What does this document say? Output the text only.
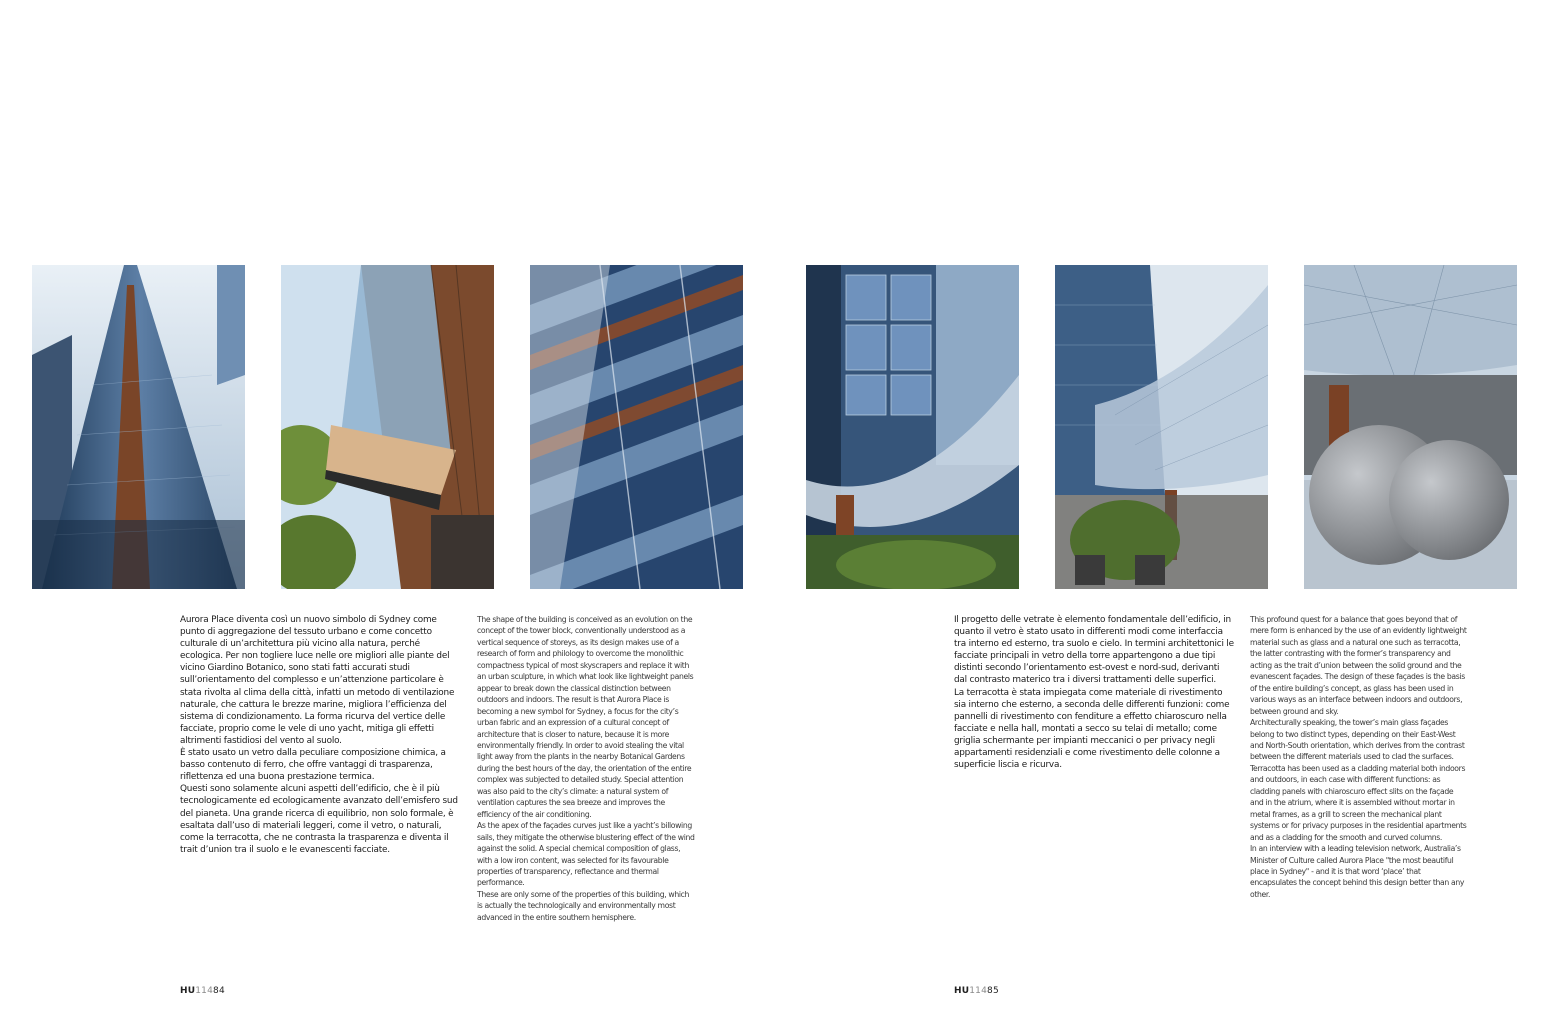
Aurora Place diventa così un nuovo simbolo di Sydney come punto di aggregazione del tessuto urbano e come concetto culturale di un’architettura più vicino alla natura, perché ecologica. Per non togliere luce nelle ore migliori alle piante del vicino Giardino Botanico, sono stati fatti accurati studi sull’orientamento del complesso e un’attenzione particolare è stata rivolta al clima della città, infatti un metodo di ventilazione naturale, che cattura le brezze marine, migliora l’efficienza del sistema di condizionamento. La forma ricurva del vertice delle facciate, proprio come le vele di uno yacht, mitiga gli effetti altrimenti fastidiosi del vento al suolo.
È stato usato un vetro dalla peculiare composizione chimica, a basso contenuto di ferro, che offre vantaggi di trasparenza, riflettenza ed una buona prestazione termica.
Questi sono solamente alcuni aspetti dell’edificio, che è il più tecnologicamente ed ecologicamente avanzato dell’emisfero sud del pianeta. Una grande ricerca di equilibrio, non solo formale, è esaltata dall’uso di materiali leggeri, come il vetro, o naturali, come la terracotta, che ne contrasta la trasparenza e diventa il trait d’union tra il suolo e le evanescenti facciate.
The shape of the building is conceived as an evolution on the concept of the tower block, conventionally understood as a vertical sequence of storeys, as its design makes use of a research of form and philology to overcome the monolithic compactness typical of most skyscrapers and replace it with an urban sculpture, in which what look like lightweight panels appear to break down the classical distinction between outdoors and indoors. The result is that Aurora Place is becoming a new symbol for Sydney, a focus for the city’s urban fabric and an expression of a cultural concept of architecture that is closer to nature, because it is more environmentally friendly. In order to avoid stealing the vital light away from the plants in the nearby Botanical Gardens during the best hours of the day, the orientation of the entire complex was subjected to detailed study. Special attention was also paid to the city’s climate: a natural system of ventilation captures the sea breeze and improves the efficiency of the air conditioning.
As the apex of the façades curves just like a yacht’s billowing sails, they mitigate the otherwise blustering effect of the wind against the solid. A special chemical composition of glass, with a low iron content, was selected for its favourable properties of transparency, reflectance and thermal performance.
These are only some of the properties of this building, which is actually the technologically and environmentally most advanced in the entire southern hemisphere.
Il progetto delle vetrate è elemento fondamentale dell’edificio, in quanto il vetro è stato usato in differenti modi come interfaccia tra interno ed esterno, tra suolo e cielo. In termini architettonici le facciate principali in vetro della torre appartengono a due tipi distinti secondo l’orientamento est-ovest e nord-sud, derivanti dal contrasto materico tra i diversi trattamenti delle superfici.
La terracotta è stata impiegata come materiale di rivestimento sia interno che esterno, a seconda delle differenti funzioni: come pannelli di rivestimento con fenditure a effetto chiaroscuro nella facciate e nella hall, montati a secco su telai di metallo; come griglia schermante per impianti meccanici o per privacy negli appartamenti residenziali e come rivestimento delle colonne a superficie liscia e ricurva.
This profound quest for a balance that goes beyond that of mere form is enhanced by the use of an evidently lightweight material such as glass and a natural one such as terracotta, the latter contrasting with the former’s transparency and acting as the trait d’union between the solid ground and the evanescent façades. The design of these façades is the basis of the entire building’s concept, as glass has been used in various ways as an interface between indoors and outdoors, between ground and sky.
Architecturally speaking, the tower’s main glass façades belong to two distinct types, depending on their East-West and North-South orientation, which derives from the contrast between the different materials used to clad the surfaces.
Terracotta has been used as a cladding material both indoors and outdoors, in each case with different functions: as cladding panels with chiaroscuro effect slits on the façade and in the atrium, where it is assembled without mortar in metal frames, as a grill to screen the mechanical plant systems or for privacy purposes in the residential apartments and as a cladding for the smooth and curved columns.
In an interview with a leading television network, Australia’s Minister of Culture called Aurora Place "the most beautiful place in Sydney" - and it is that word ‘place’ that encapsulates the concept behind this design better than any other.
HU11484	HU11485
